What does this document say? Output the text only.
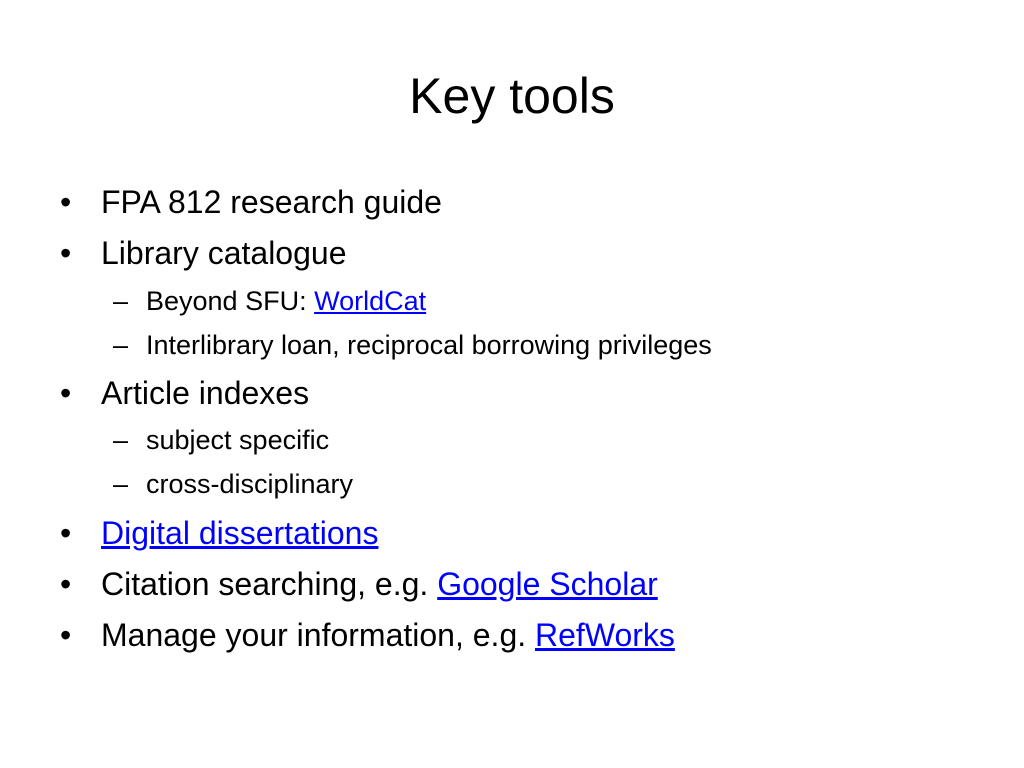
Key tools
• FPA 812 research guide
• Library catalogue
– Beyond SFU: WorldCat
– Interlibrary loan, reciprocal borrowing privileges
• Article indexes
– subject specific
– cross-disciplinary
• Digital dissertations
• Citation searching, e.g. Google Scholar
• Manage your information, e.g. RefWorks
